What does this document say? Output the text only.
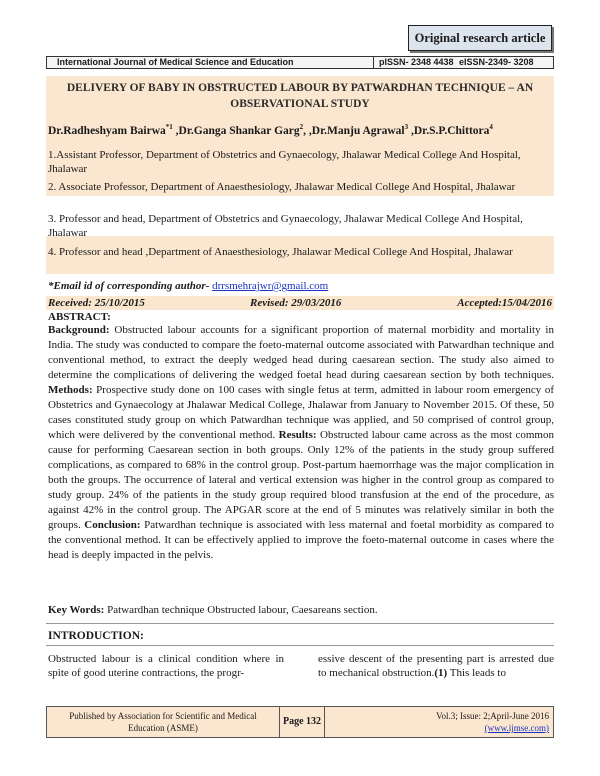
Original research article
International Journal of Medical Science and Education	pISSN- 2348 4438 eISSN-2349- 3208
DELIVERY OF BABY IN OBSTRUCTED LABOUR BY PATWARDHAN TECHNIQUE – AN OBSERVATIONAL STUDY
Dr.Radheshyam Bairwa$^{*1}$ ,Dr.Ganga Shankar Garg$^2$, ,Dr.Manju Agrawal$^3$ ,Dr.S.P.Chittora$^4$
1.Assistant Professor, Department of Obstetrics and Gynaecology, Jhalawar Medical College And Hospital, Jhalawar
2. Associate Professor, Department of Anaesthesiology, Jhalawar Medical College And Hospital, Jhalawar
3. Professor and head, Department of Obstetrics and Gynaecology, Jhalawar Medical College And Hospital, Jhalawar
4. Professor and head ,Department of Anaesthesiology, Jhalawar Medical College And Hospital, Jhalawar
*Email id of corresponding author- drrsmehrajwr@gmail.com
Received: 25/10/2015	Revised: 29/03/2016	Accepted:15/04/2016
ABSTRACT:
Background: Obstructed labour accounts for a significant proportion of maternal morbidity and mortality in India. The study was conducted to compare the foeto-maternal outcome associated with Patwardhan technique and conventional method, to extract the deeply wedged head during caesarean section. The study also aimed to determine the complications of delivering the wedged foetal head during caesarean section by both techniques. Methods: Prospective study done on 100 cases with single fetus at term, admitted in labour room emergency of Obstetrics and Gynaecology at Jhalawar Medical College, Jhalawar from January to November 2015. Of these, 50 cases constituted study group on which Patwardhan technique was applied, and 50 comprised of control group, which were delivered by the conventional method. Results: Obstructed labour came across as the most common cause for performing Caesarean section in both groups. Only 12% of the patients in the study group suffered complications, as compared to 68% in the control group. Post-partum haemorrhage was the major complication in both the groups. The occurrence of lateral and vertical extension was higher in the control group as compared to study group. 24% of the patients in the study group required blood transfusion at the end of the procedure, as against 42% in the control group. The APGAR score at the end of 5 minutes was relatively similar in both the groups. Conclusion: Patwardhan technique is associated with less maternal and foetal morbidity as compared to the conventional method. It can be effectively applied to improve the foeto-maternal outcome in cases where the head is deeply impacted in the pelvis.
Key Words: Patwardhan technique Obstructed labour, Caesareans section.
INTRODUCTION:
Obstructed labour is a clinical condition where in spite of good uterine contractions, the progr-
essive descent of the presenting part is arrested due to mechanical obstruction.(1) This leads to
Published by Association for Scientific and Medical
Education (ASME)
Page 132	Vol.3; Issue: 2;April-June 2016
(www.ijmse.com)
